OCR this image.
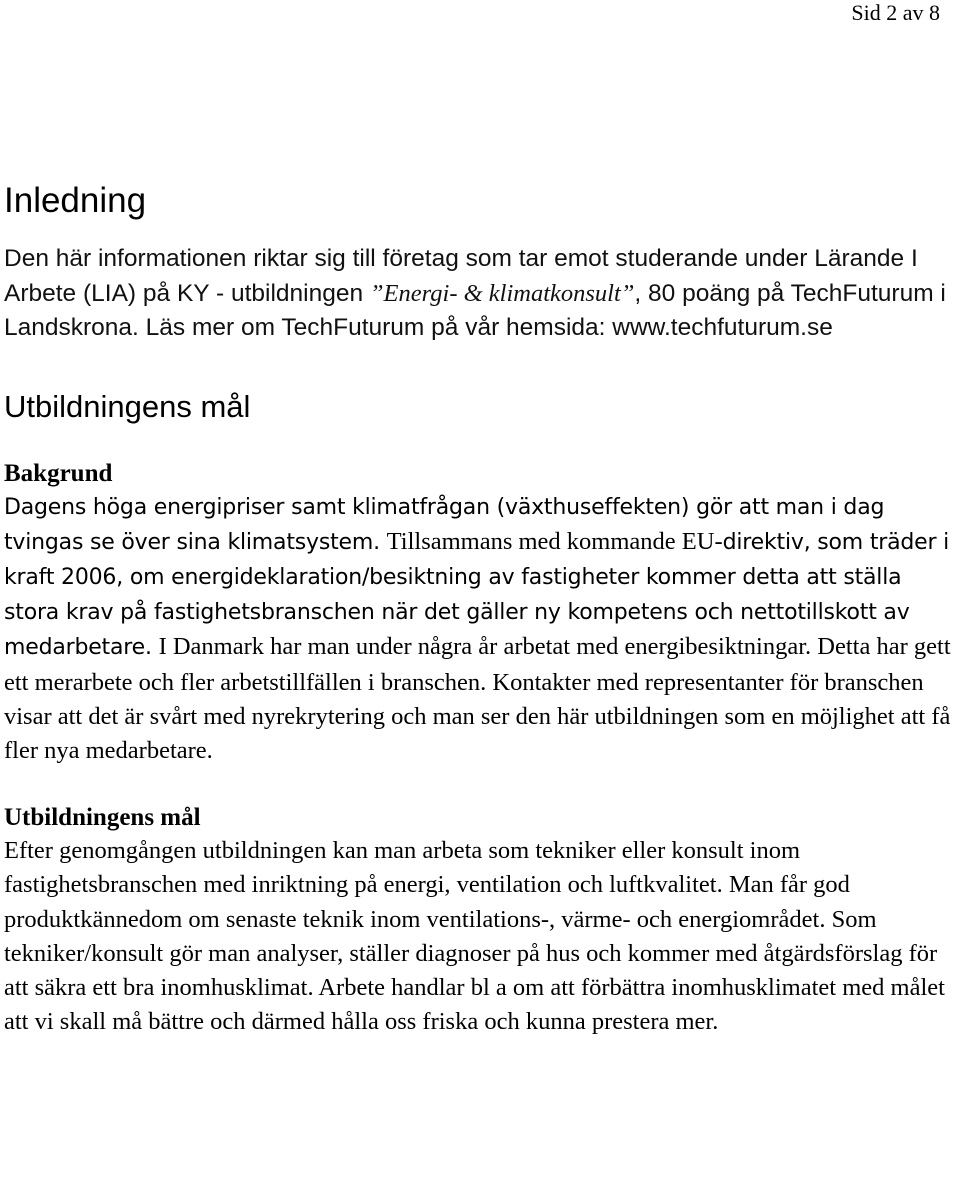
Sid 2 av 8
Inledning

Den här informationen riktar sig till företag som tar emot studerande under Lärande I Arbete (LIA) på KY - utbildningen ”Energi- & klimatkonsult”, 80 poäng på TechFuturum i Landskrona. Läs mer om TechFuturum på vår hemsida: www.techfuturum.se

Utbildningens mål
Bakgrund

Dagens höga energipriser samt klimatfrågan (växthuseffekten) gör att man i dag tvingas se över sina klimatsystem. Tillsammans med kommande EU-direktiv, som träder i kraft 2006, om energideklaration/besiktning av fastigheter kommer detta att ställa stora krav på fastighetsbranschen när det gäller ny kompetens och nettotillskott av medarbetare. I Danmark har man under några år arbetat med energibesiktningar. Detta har gett ett merarbete och fler arbetstillfällen i branschen. Kontakter med representanter för branschen visar att det är svårt med nyrekrytering och man ser den här utbildningen som en möjlighet att få fler nya medarbetare.

Utbildningens mål

Efter genomgången utbildningen kan man arbeta som tekniker eller konsult inom fastighetsbranschen med inriktning på energi, ventilation och luftkvalitet. Man får god produktkännedom om senaste teknik inom ventilations-, värme- och energiområdet. Som tekniker/konsult gör man analyser, ställer diagnoser på hus och kommer med åtgärdsförslag för att säkra ett bra inomhusklimat. Arbete handlar bl a om att förbättra inomhusklimatet med målet att vi skall må bättre och därmed hålla oss friska och kunna prestera mer.
